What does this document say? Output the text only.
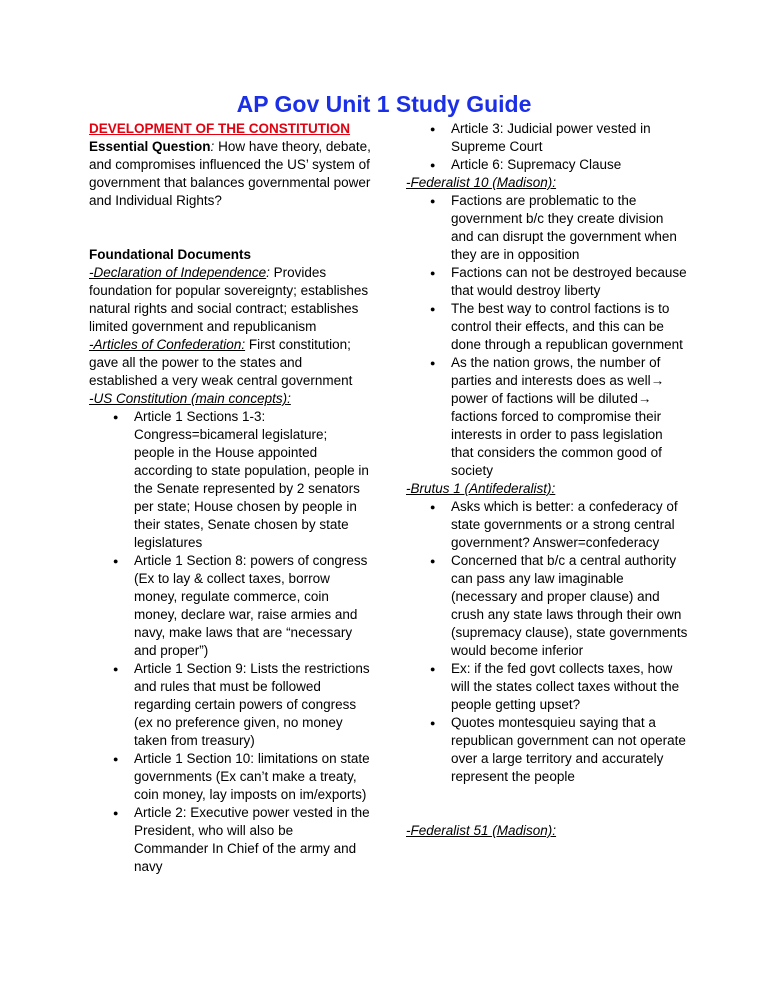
AP Gov Unit 1 Study Guide

DEVELOPMENT OF THE CONSTITUTION

Essential Question: How have theory, debate, and compromises influenced the US’ system of government that balances governmental power and Individual Rights?

Foundational Documents

-Declaration of Independence: Provides foundation for popular sovereignty; establishes natural rights and social contract; establishes limited government and republicanism

-Articles of Confederation: First constitution; gave all the power to the states and established a very weak central government

-US Constitution (main concepts):

● Article 1 Sections 1-3: Congress=bicameral legislature; people in the House appointed according to state population, people in the Senate represented by 2 senators per state; House chosen by people in their states, Senate chosen by state legislatures
● Article 1 Section 8: powers of congress (Ex to lay & collect taxes, borrow money, regulate commerce, coin money, declare war, raise armies and navy, make laws that are “necessary and proper”)
● Article 1 Section 9: Lists the restrictions and rules that must be followed regarding certain powers of congress (ex no preference given, no money taken from treasury)
● Article 1 Section 10: limitations on state governments (Ex can’t make a treaty, coin money, lay imposts on im/exports)
● Article 2: Executive power vested in the President, who will also be Commander In Chief of the army and navy
● Article 3: Judicial power vested in Supreme Court
● Article 6: Supremacy Clause

-Federalist 10 (Madison):

● Factions are problematic to the government b/c they create division and can disrupt the government when they are in opposition
● Factions can not be destroyed because that would destroy liberty
● The best way to control factions is to control their effects, and this can be done through a republican government
● As the nation grows, the number of parties and interests does as well→ power of factions will be diluted→ factions forced to compromise their interests in order to pass legislation that considers the common good of society

-Brutus 1 (Antifederalist):

● Asks which is better: a confederacy of state governments or a strong central government? Answer=confederacy
● Concerned that b/c a central authority can pass any law imaginable (necessary and proper clause) and crush any state laws through their own (supremacy clause), state governments would become inferior
● Ex: if the fed govt collects taxes, how will the states collect taxes without the people getting upset?
● Quotes montesquieu saying that a republican government can not operate over a large territory and accurately represent the people

-Federalist 51 (Madison):
